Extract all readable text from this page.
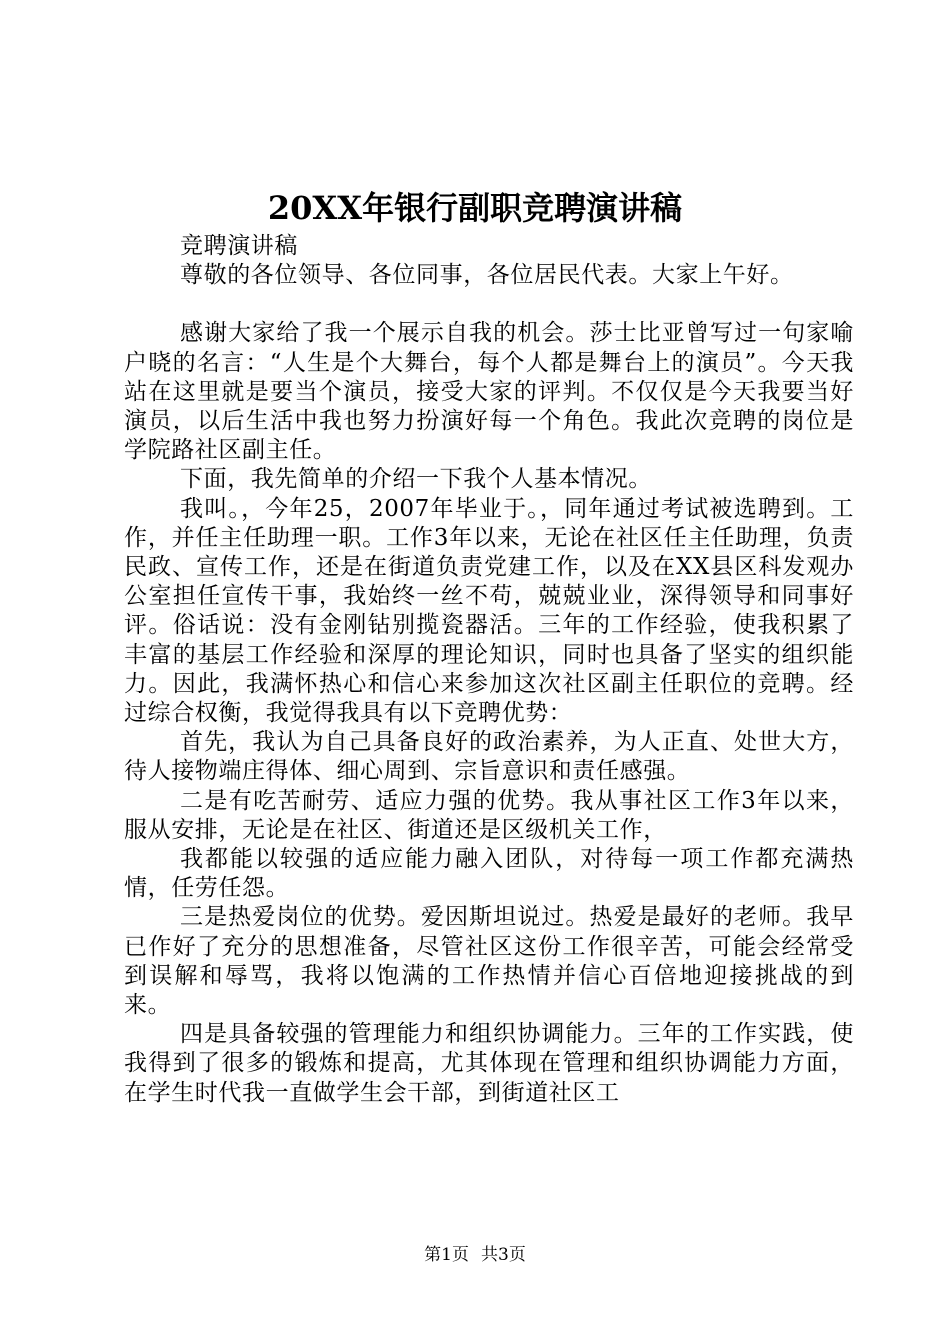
20XX年银行副职竞聘演讲稿

竞聘演讲稿

尊敬的各位领导、各位同事，各位居民代表。大家上午好。

感谢大家给了我一个展示自我的机会。莎士比亚曾写过一句家喻户晓的名言：“人生是个大舞台，每个人都是舞台上的演员”。今天我站在这里就是要当个演员，接受大家的评判。不仅仅是今天我要当好演员，以后生活中我也努力扮演好每一个角色。我此次竞聘的岗位是学院路社区副主任。

下面，我先简单的介绍一下我个人基本情况。

我叫。，今年25，2007年毕业于。，同年通过考试被选聘到。工作，并任主任助理一职。工作3年以来，无论在社区任主任助理，负责民政、宣传工作，还是在街道负责党建工作，以及在XX县区科发观办公室担任宣传干事，我始终一丝不苟，兢兢业业，深得领导和同事好评。俗话说：没有金刚钻别揽瓷器活。三年的工作经验，使我积累了丰富的基层工作经验和深厚的理论知识，同时也具备了坚实的组织能力。因此，我满怀热心和信心来参加这次社区副主任职位的竞聘。经过综合权衡，我觉得我具有以下竞聘优势：

首先，我认为自己具备良好的政治素养，为人正直、处世大方，待人接物端庄得体、细心周到、宗旨意识和责任感强。

二是有吃苦耐劳、适应力强的优势。我从事社区工作3年以来，服从安排，无论是在社区、街道还是区级机关工作，

我都能以较强的适应能力融入团队，对待每一项工作都充满热情，任劳任怨。

三是热爱岗位的优势。爱因斯坦说过。热爱是最好的老师。我早已作好了充分的思想准备，尽管社区这份工作很辛苦，可能会经常受到误解和辱骂，我将以饱满的工作热情并信心百倍地迎接挑战的到来。

四是具备较强的管理能力和组织协调能力。三年的工作实践，使我得到了很多的锻炼和提高，尤其体现在管理和组织协调能力方面，在学生时代我一直做学生会干部，到街道社区工

第1页 共3页
